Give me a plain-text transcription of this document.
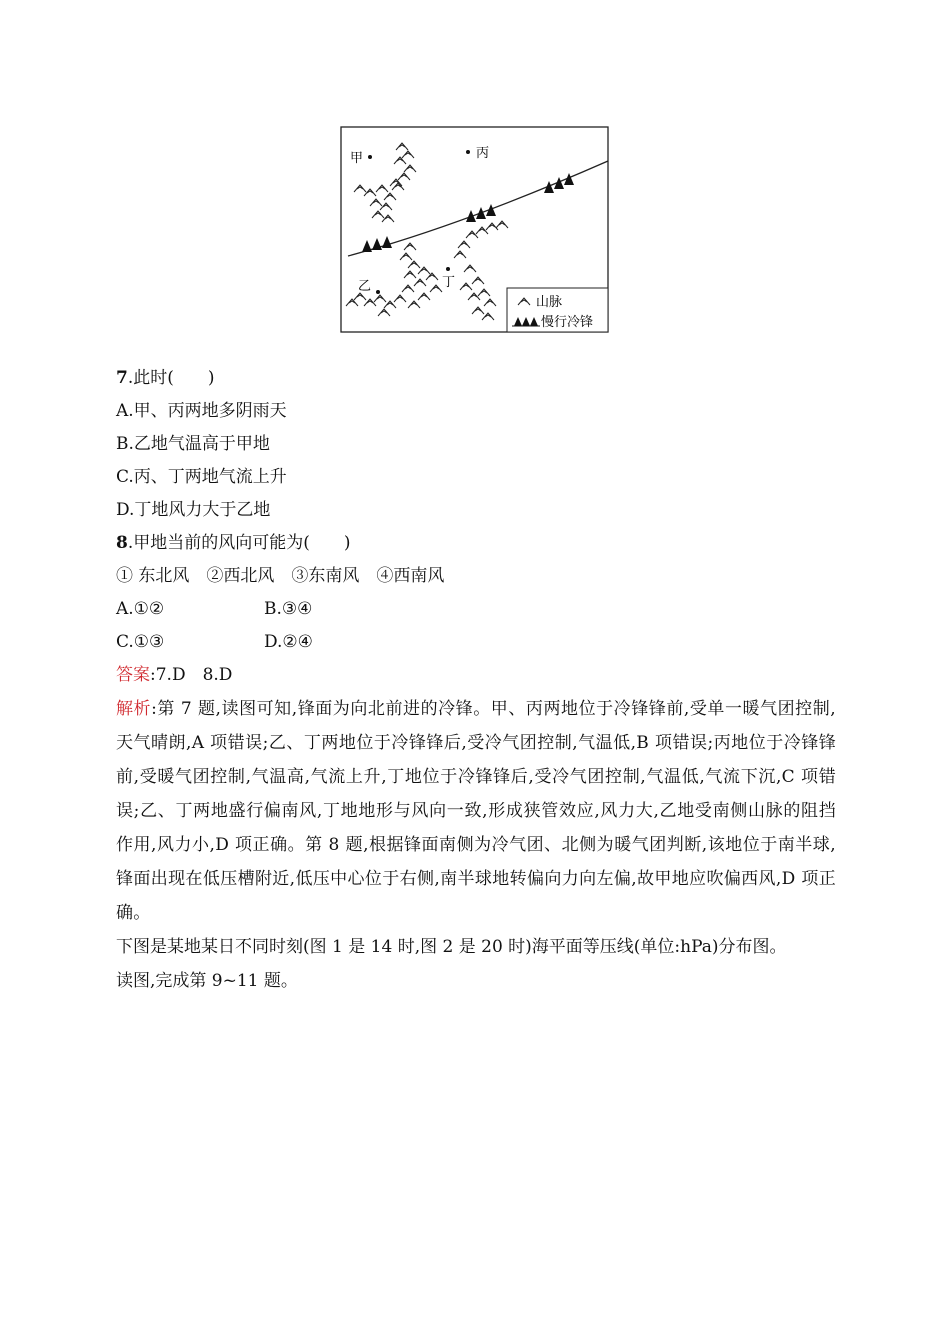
甲	丙
乙	丁
山脉
慢行冷锋
7.此时(　　)
A.甲、丙两地多阴雨天
B.乙地气温高于甲地
C.丙、丁两地气流上升
D.丁地风力大于乙地
8.甲地当前的风向可能为(　　)
① 东北风　②西北风　③东南风　④西南风
A.①②	B.③④
C.①③	D.②④
答案:7.D　8.D
解析:第 7 题,读图可知,锋面为向北前进的冷锋。甲、丙两地位于冷锋锋前,受单一暖气团控制,天气晴朗,A 项错误;乙、丁两地位于冷锋锋后,受冷气团控制,气温低,B 项错误;丙地位于冷锋锋前,受暖气团控制,气温高,气流上升,丁地位于冷锋锋后,受冷气团控制,气温低,气流下沉,C 项错误;乙、丁两地盛行偏南风,丁地地形与风向一致,形成狭管效应,风力大,乙地受南侧山脉的阻挡作用,风力小,D 项正确。第 8 题,根据锋面南侧为冷气团、北侧为暖气团判断,该地位于南半球,锋面出现在低压槽附近,低压中心位于右侧,南半球地转偏向力向左偏,故甲地应吹偏西风,D 项正确。
下图是某地某日不同时刻(图 1 是 14 时,图 2 是 20 时)海平面等压线(单位:hPa)分布图。
读图,完成第 9~11 题。
